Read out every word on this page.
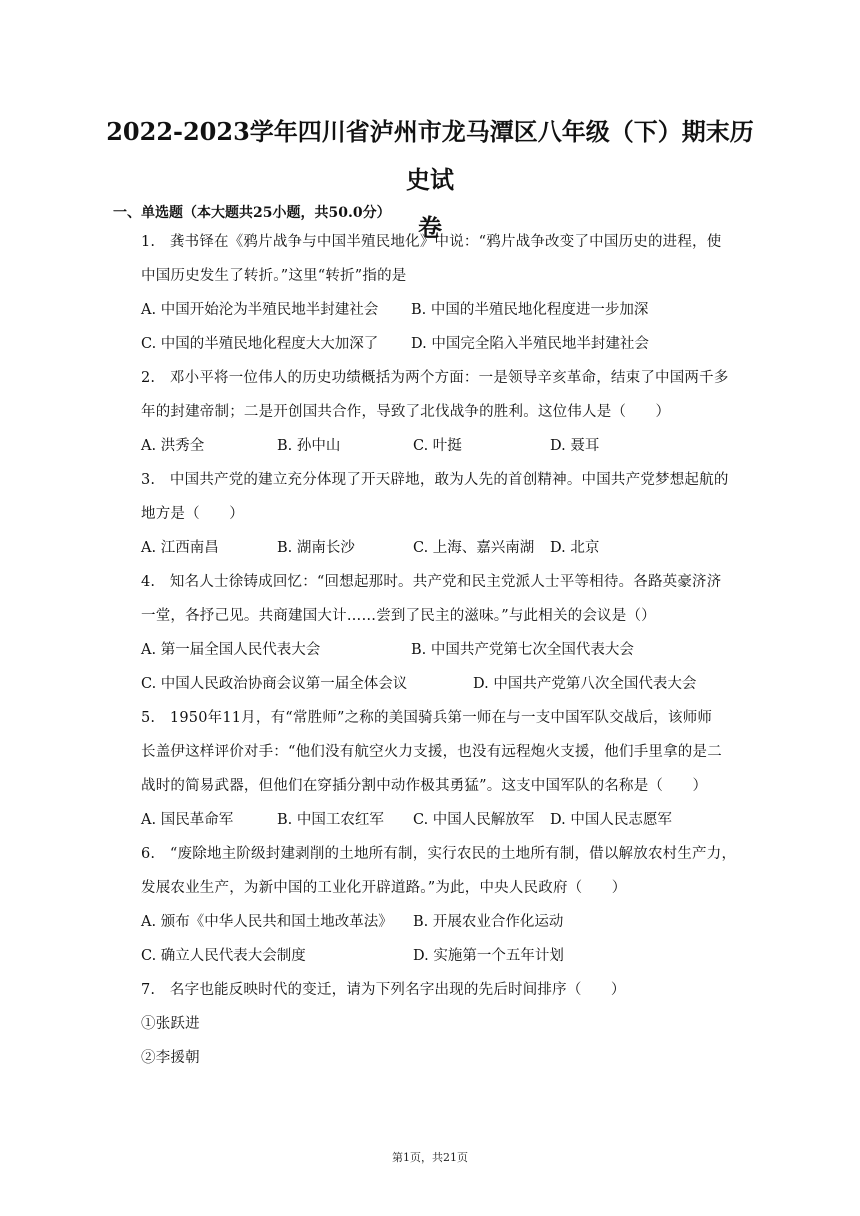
2022-2023学年四川省泸州市龙马潭区八年级（下）期末历史试
卷
一、单选题（本大题共25小题，共50.0分）
1.　龚书铎在《鸦片战争与中国半殖民地化》中说：“鸦片战争改变了中国历史的进程，使
中国历史发生了转折。”这里“转折”指的是
A. 中国开始沦为半殖民地半封建社会 B. 中国的半殖民地化程度进一步加深
C. 中国的半殖民地化程度大大加深了 D. 中国完全陷入半殖民地半封建社会
2.　邓小平将一位伟人的历史功绩概括为两个方面：一是领导辛亥革命，结束了中国两千多
年的封建帝制；二是开创国共合作，导致了北伐战争的胜利。这位伟人是（　　）
A. 洪秀全	B. 孙中山	C. 叶挺	D. 聂耳
3.　中国共产党的建立充分体现了开天辟地，敢为人先的首创精神。中国共产党梦想起航的
地方是（　　）
A. 江西南昌	B. 湖南长沙	C. 上海、嘉兴南湖 D. 北京
4.　知名人士徐铸成回忆：“回想起那时。共产党和民主党派人士平等相待。各路英豪济济
一堂，各抒己见。共商建国大计……尝到了民主的滋味。”与此相关的会议是（）
A. 第一届全国人民代表大会	B. 中国共产党第七次全国代表大会
C. 中国人民政治协商会议第一届全体会议	D. 中国共产党第八次全国代表大会
5.　1950年11月，有“常胜师”之称的美国骑兵第一师在与一支中国军队交战后，该师师
长盖伊这样评价对手：“他们没有航空火力支援，也没有远程炮火支援，他们手里拿的是二
战时的简易武器，但他们在穿插分割中动作极其勇猛”。这支中国军队的名称是（　　）
A. 国民革命军	B. 中国工农红军 C. 中国人民解放军 D. 中国人民志愿军
6.　“废除地主阶级封建剥削的土地所有制，实行农民的土地所有制，借以解放农村生产力，
发展农业生产，为新中国的工业化开辟道路。”为此，中央人民政府（　　）
A. 颁布《中华人民共和国土地改革法》 B. 开展农业合作化运动
C. 确立人民代表大会制度	D. 实施第一个五年计划
7.　名字也能反映时代的变迁，请为下列名字出现的先后时间排序（　　）
①张跃进
②李援朝
第1页，共21页
